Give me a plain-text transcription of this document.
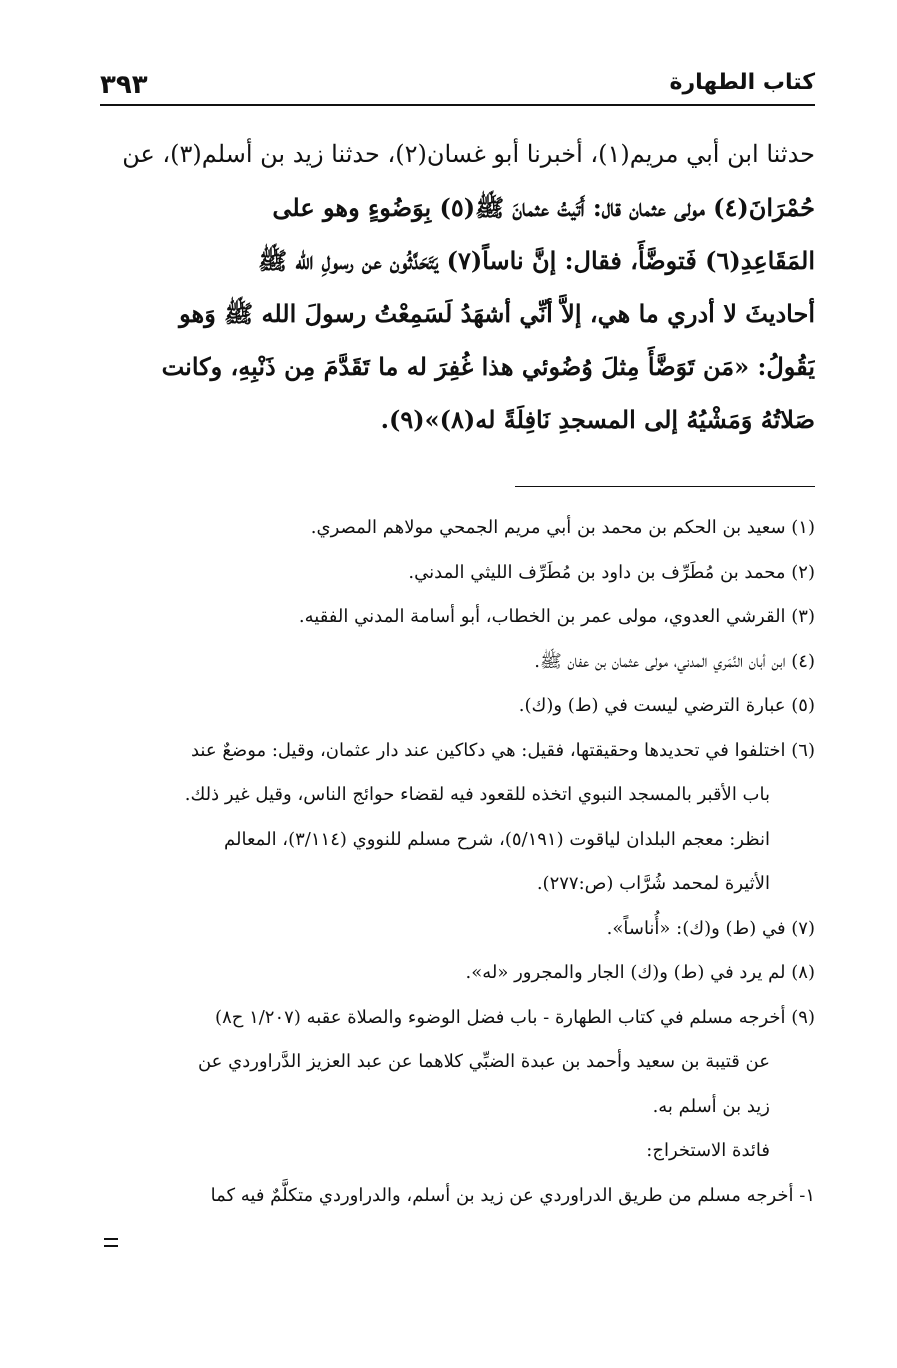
٣٩٣	كتاب الطهارة
حدثنا ابن أبي مريم(١)، أخبرنا أبو غسان(٢)، حدثنا زيد بن أسلم(٣)، عن
حُمْرَانَ(٤) مولى عثمان قال: أَتَيتُ عثمانَ ﷺ(٥) بِوَضُوءٍ وهو على
المَقَاعِدِ(٦) فَتوضَّأَ، فقال: إنَّ ناساً(٧) يَتَحَدَّثُون عن رسولِ الله ﷺ
أحاديثَ لا أدري ما هي، إلاَّ أنِّي أشهَدُ لَسَمِعْتُ رسولَ الله ﷺ وَهو
يَقُولُ: «مَن تَوَضَّأَ مِثلَ وُضُوئي هذا غُفِرَ له ما تَقَدَّمَ مِن ذَنْبِهِ، وكانت
صَلاتُهُ وَمَشْيُهُ إلى المسجدِ نَافِلَةً له(٨)»(٩).
(١) سعيد بن الحكم بن محمد بن أبي مريم الجمحي مولاهم المصري.
(٢) محمد بن مُطَرِّف بن داود بن مُطَرِّف الليثي المدني.
(٣) القرشي العدوي، مولى عمر بن الخطاب، أبو أسامة المدني الفقيه.
(٤) ابن أبان النَّمَري المدني، مولى عثمان بن عفان ﷺ.
(٥) عبارة الترضي ليست في (ط) و(ك).
(٦) اختلفوا في تحديدها وحقيقتها، فقيل: هي دكاكين عند دار عثمان، وقيل: موضعٌ عند
باب الأقبر بالمسجد النبوي اتخذه للقعود فيه لقضاء حوائج الناس، وقيل غير ذلك.
انظر: معجم البلدان لياقوت (٥/١٩١)، شرح مسلم للنووي (٣/١١٤)، المعالم
الأثيرة لمحمد شُرَّاب (ص:٢٧٧).
(٧) في (ط) و(ك): «أُناساً».
(٨) لم يرد في (ط) و(ك) الجار والمجرور «له».
(٩) أخرجه مسلم في كتاب الطهارة - باب فضل الوضوء والصلاة عقبه (١/٢٠٧ ح٨)
عن قتيبة بن سعيد وأحمد بن عبدة الضبِّي كلاهما عن عبد العزيز الدَّراوردي عن
زيد بن أسلم به.
فائدة الاستخراج:
١- أخرجه مسلم من طريق الدراوردي عن زيد بن أسلم، والدراوردي متكلَّمٌ فيه كما
